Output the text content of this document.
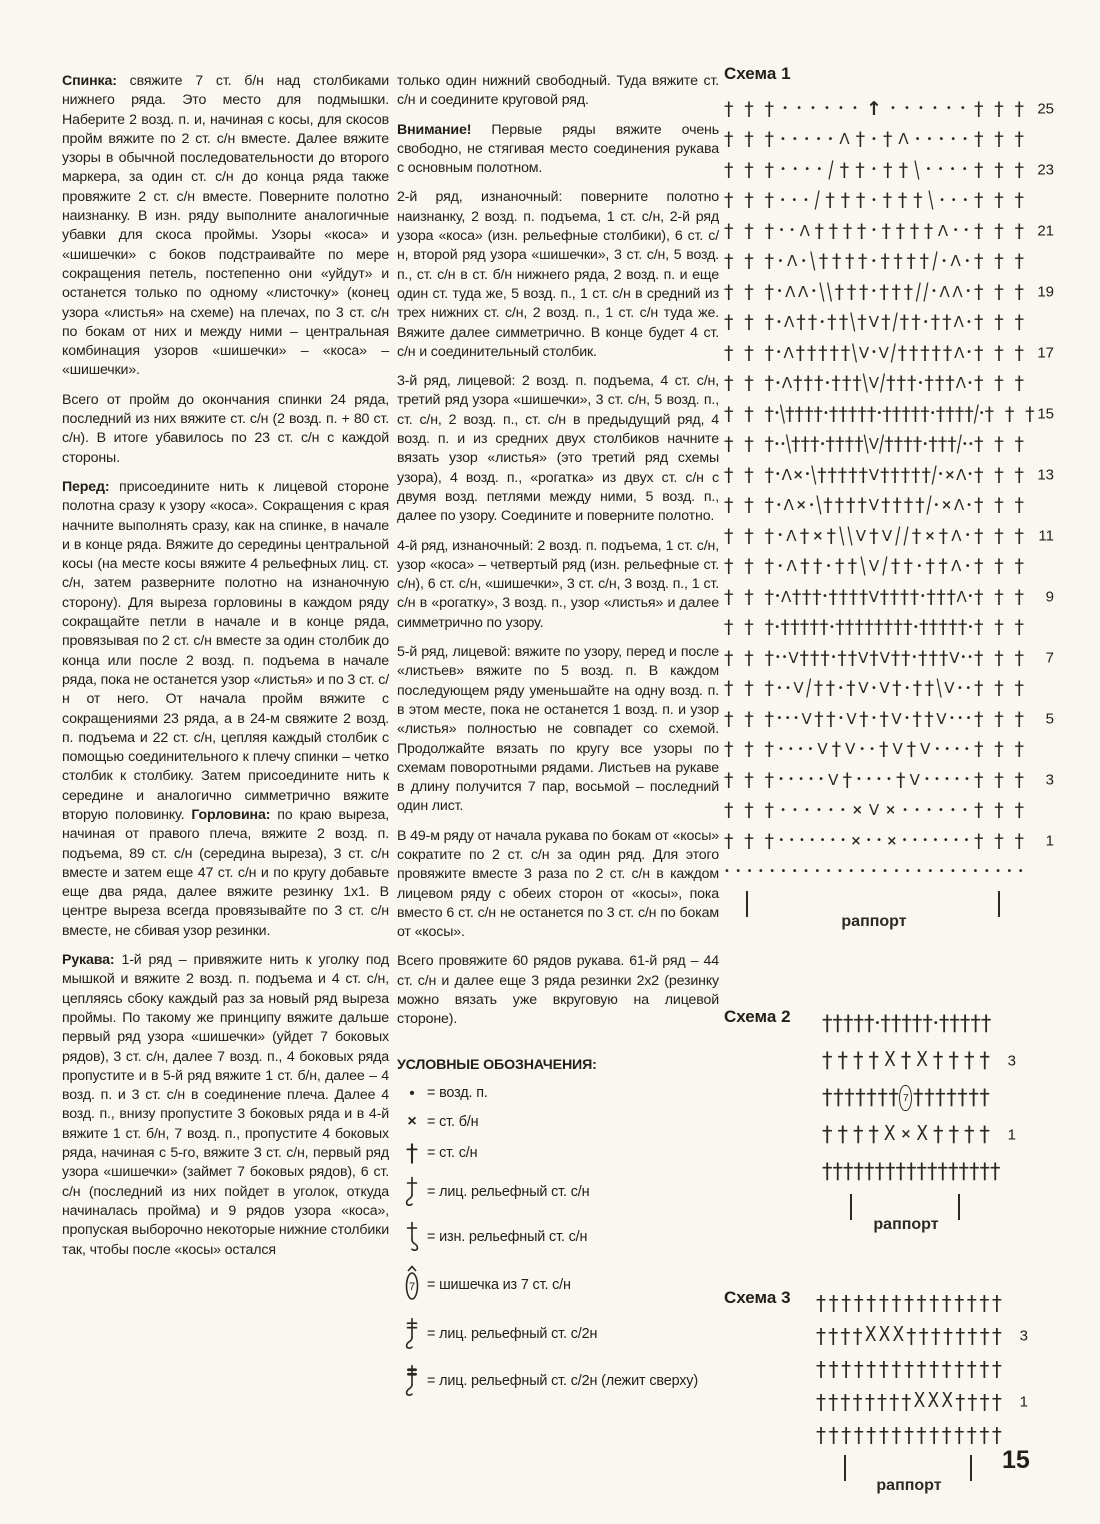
Спинка: свяжите 7 ст. б/н над столбиками нижнего ряда. Это место для подмышки. Наберите 2 возд. п. и, начиная с косы, для скосов пройм вяжите по 2 ст. с/н вместе. Далее вяжите узоры в обычной последовательности до второго маркера, за один ст. с/н до конца ряда также провяжите 2 ст. с/н вместе. Поверните полотно наизнанку. В изн. ряду выполните аналогичные убавки для скоса проймы. Узоры «коса» и «шишечки» с боков подстраивайте по мере сокращения петель, постепенно они «уйдут» и останется только по одному «листочку» (конец узора «листья» на схеме) на плечах, по 3 ст. с/н по бокам от них и между ними – центральная комбинация узоров «шишечки» – «коса» – «шишечки».

Всего от пройм до окончания спинки 24 ряда, последний из них вяжите ст. с/н (2 возд. п. + 80 ст. с/н). В итоге убавилось по 23 ст. с/н с каждой стороны.

Перед: присоедините нить к лицевой стороне полотна сразу к узору «коса». Сокращения с края начните выполнять сразу, как на спинке, в начале и в конце ряда. Вяжите до середины центральной косы (на месте косы вяжите 4 рельефных лиц. ст. с/н, затем разверните полотно на изнаночную сторону). Для выреза горловины в каждом ряду сокращайте петли в начале и в конце ряда, провязывая по 2 ст. с/н вместе за один столбик до конца или после 2 возд. п. подъема в начале ряда, пока не останется узор «листья» и по 3 ст. с/н от него. От начала пройм вяжите с сокращениями 23 ряда, а в 24-м свяжите 2 возд. п. подъема и 22 ст. с/н, цепляя каждый столбик с помощью соединительного к плечу спинки – четко столбик к столбику. Затем присоедините нить к середине и аналогично симметрично вяжите вторую половинку. Горловина: по краю выреза, начиная от правого плеча, вяжите 2 возд. п. подъема, 89 ст. с/н (середина выреза), 3 ст. с/н вместе и затем еще 47 ст. с/н и по кругу добавьте еще два ряда, далее вяжите резинку 1х1. В центре выреза всегда провязывайте по 3 ст. с/н вместе, не сбивая узор резинки.

Рукава: 1-й ряд – привяжите нить к уголку под мышкой и вяжите 2 возд. п. подъема и 4 ст. с/н, цепляясь сбоку каждый раз за новый ряд выреза проймы. По такому же принципу вяжите дальше первый ряд узора «шишечки» (уйдет 7 боковых рядов), 3 ст. с/н, далее 7 возд. п., 4 боковых ряда пропустите и в 5-й ряд вяжите 1 ст. б/н, далее – 4 возд. п. и 3 ст. с/н в соединение плеча. Далее 4 возд. п., внизу пропустите 3 боковых ряда и в 4-й вяжите 1 ст. б/н, 7 возд. п., пропустите 4 боковых ряда, начиная с 5-го, вяжите 3 ст. с/н, первый ряд узора «шишечки» (займет 7 боковых рядов), 6 ст. с/н (последний из них пойдет в уголок, откуда начиналась пройма) и 9 рядов узора «коса», пропуская выборочно некоторые нижние столбики так, чтобы после «косы» остался

только один нижний свободный. Туда вяжите ст. с/н и соедините круговой ряд.

Внимание! Первые ряды вяжите очень свободно, не стягивая место соединения рукава с основным полотном.

2-й ряд, изнаночный: поверните полотно наизнанку, 2 возд. п. подъема, 1 ст. с/н, 2-й ряд узора «коса» (изн. рельефные столбики), 6 ст. с/н, второй ряд узора «шишечки», 3 ст. с/н, 5 возд. п., ст. с/н в ст. б/н нижнего ряда, 2 возд. п. и еще один ст. туда же, 5 возд. п., 1 ст. с/н в средний из трех нижних ст. с/н, 2 возд. п., 1 ст. с/н туда же. Вяжите далее симметрично. В конце будет 4 ст. с/н и соединительный столбик.

3-й ряд, лицевой: 2 возд. п. подъема, 4 ст. с/н, третий ряд узора «шишечки», 3 ст. с/н, 5 возд. п., ст. с/н, 2 возд. п., ст. с/н в предыдущий ряд, 4 возд. п. и из средних двух столбиков начните вязать узор «листья» (это третий ряд схемы узора), 4 возд. п., «рогатка» из двух ст. с/н с двумя возд. петлями между ними, 5 возд. п., далее по узору. Соедините и поверните полотно.

4-й ряд, изнаночный: 2 возд. п. подъема, 1 ст. с/н, узор «коса» – четвертый ряд (изн. рельефные ст. с/н), 6 ст. с/н, «шишечки», 3 ст. с/н, 3 возд. п., 1 ст. с/н в «рогатку», 3 возд. п., узор «листья» и далее симметрично по узору.

5-й ряд, лицевой: вяжите по узору, перед и после «листьев» вяжите по 5 возд. п. В каждом последующем ряду уменьшайте на одну возд. п. в этом месте, пока не останется 1 возд. п. и узор «листья» полностью не совпадет со схемой. Продолжайте вязать по кругу все узоры по схемам поворотными рядами. Листьев на рукаве в длину получится 7 пар, восьмой – последний один лист.

В 49-м ряду от начала рукава по бокам от «косы» сократите по 2 ст. с/н за один ряд. Для этого провяжите вместе 3 раза по 2 ст. с/н в каждом лицевом ряду с обеих сторон от «косы», пока вместо 6 ст. с/н не останется по 3 ст. с/н по бокам от «косы».

Всего провяжите 60 рядов рукава. 61-й ряд – 44 ст. с/н и далее еще 3 ряда резинки 2х2 (резинку можно вязать уже вкруговую на лицевой стороне).

УСЛОВНЫЕ ОБОЗНАЧЕНИЯ:

• = возд. п.
× = ст. б/н
† = ст. с/н
= лиц. рельефный ст. с/н
= изн. рельефный ст. с/н
7 = шишечка из 7 ст. с/н
= лиц. рельефный ст. с/2н
= лиц. рельефный ст. с/2н (лежит сверху)

Схема 1

† † † • • • • • • ↑ • • • • • • † † † 25
† † † • • • • • Λ † • † Λ • • • • • † † †
† † † • • • • / † † • † † \ • • • • † † † 23
† † † • • • / † † † • † † † \ • • • † † †
† † † • • Λ † † † † • † † † † Λ • • † † † 21
† † † • Λ • \ † † † † • † † † † / • Λ • † † †
† † † • Λ Λ • \ \ † † † • † † † / / • Λ Λ • † † † 19
† † † • Λ † † • † † \ † V † / † † • † † Λ • † † †
† † † • Λ † † † † † \ V • V / † † † † † Λ • † † † 17
† † † • Λ † † † • † † † \ V / † † † • † † † Λ • † † †
† † † • \ † † † † • † † † † † • † † † † † • † † † † / • † † † 15
† † † • • \ † † † • † † † † \ V / † † † † • † † † / • • † † †
† † † • Λ × • \ † † † † † V † † † † † / • × Λ • † † † 13
† † † • Λ × • \ † † † † V † † † † / • × Λ • † † †
† † † • Λ † × † \ \ V † V / / † × † Λ • † † † 11
† † † • Λ † † • † † \ V / † † • † † Λ • † † †
† † † • Λ † † † • † † † † V † † † † • † † † Λ • † † † 9
† † † • † † † † † • † † † † † † † † • † † † † † • † † †
† † † • • V † † † • † † V † V † † • † † † V • • † † † 7
† † † • • V / † † • † V • V † • † † \ V • • † † †
† † † • • • V † † • V † • † V • † † V • • • † † † 5
† † † • • • • V † V • • † V † V • • • • † † †
† † † • • • • • V † • • • • † V • • • • • † † † 3
† † † • • • • • • × V × • • • • • • † † †
† † † • • • • • • • × • • × • • • • • • • † † † 1
• • • • • • • • • • • • • • • • • • • • • • • • • • •
раппорт

Схема 2 † † † † † • † † † † † • † † † † †
† † † † X † X † † † † 3
† † † † † † † 7 † † † † † † †
† † † † X × X † † † † 1
† † † † † † † † † † † † † † † † †
раппорт

Схема 3 † † † † † † † † † † † † † † †
† † † † X X X † † † † † † † † 3
† † † † † † † † † † † † † † †
† † † † † † † † X X X † † † † 1
† † † † † † † † † † † † † † †
раппорт
15
